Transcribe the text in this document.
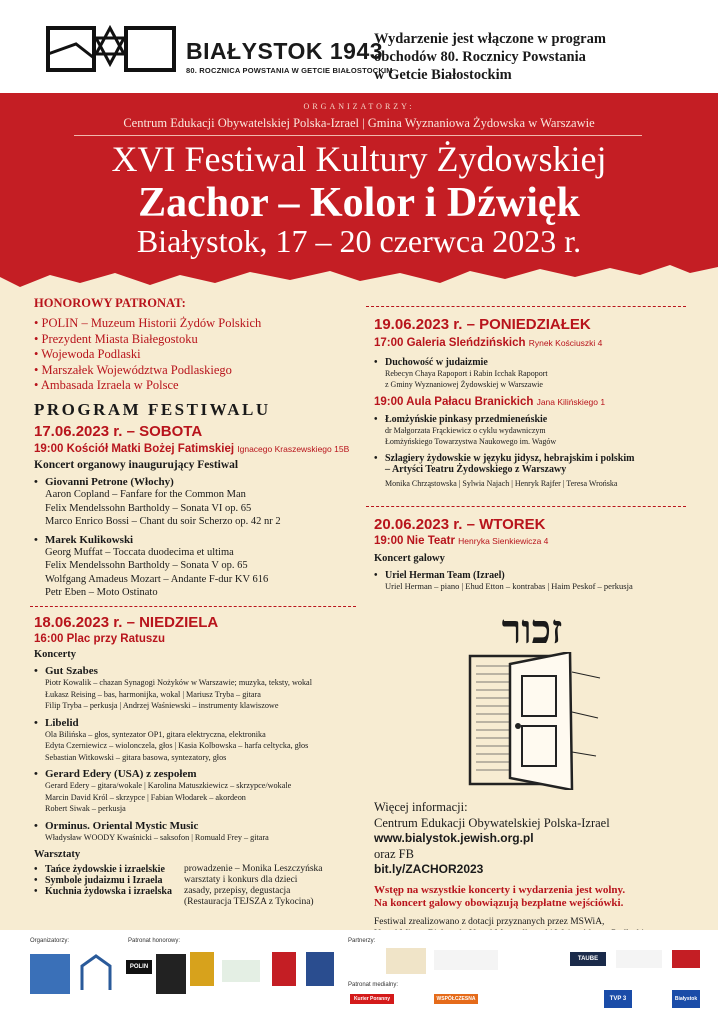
BIAŁYSTOK 1943
80. ROCZNICA POWSTANIA W GETCIE BIAŁOSTOCKIM
Wydarzenie jest włączone w program
obchodów 80. Rocznicy Powstania
w Getcie Białostockim
ORGANIZATORZY:
Centrum Edukacji Obywatelskiej Polska-Izrael | Gmina Wyznaniowa Żydowska w Warszawie
XVI Festiwal Kultury Żydowskiej
Zachor – Kolor i Dźwięk
Białystok, 17 – 20 czerwca 2023 r.
HONOROWY PATRONAT:
• POLIN – Muzeum Historii Żydów Polskich
• Prezydent Miasta Białegostoku
• Wojewoda Podlaski
• Marszałek Województwa Podlaskiego
• Ambasada Izraela w Polsce
PROGRAM FESTIWALU
17.06.2023 r. – SOBOTA
19:00 Kościół Matki Bożej Fatimskiej Ignacego Kraszewskiego 15B
Koncert organowy inaugurujący Festiwal
• Giovanni Petrone (Włochy)
Aaron Copland – Fanfare for the Common Man
Felix Mendelssohn Bartholdy – Sonata VI op. 65
Marco Enrico Bossi – Chant du soir Scherzo op. 42 nr 2
• Marek Kulikowski
Georg Muffat – Toccata duodecima et ultima
Felix Mendelssohn Bartholdy – Sonata V op. 65
Wolfgang Amadeus Mozart – Andante F-dur KV 616
Petr Eben – Moto Ostinato
18.06.2023 r. – NIEDZIELA
16:00 Plac przy Ratuszu
Koncerty
• Gut Szabes
Piotr Kowalik – chazan Synagogi Nożyków w Warszawie; muzyka, teksty, wokal
Łukasz Reising – bas, harmonijka, wokal | Mariusz Tryba – gitara
Filip Tryba – perkusja | Andrzej Waśniewski – instrumenty klawiszowe
• Libelid
Ola Bilińska – głos, syntezator OP1, gitara elektryczna, elektronika
Edyta Czerniewicz – wiolonczela, głos | Kasia Kolbowska – harfa celtycka, głos
Sebastian Witkowski – gitara basowa, syntezatory, głos
• Gerard Edery (USA) z zespołem
Gerard Edery – gitara/wokale | Karolina Matuszkiewicz – skrzypce/wokale
Marcin David Król – skrzypce | Fabian Włodarek – akordeon
Robert Siwak – perkusja
• Orminus. Oriental Mystic Music
Władysław WOODY Kwaśnicki – saksofon | Romuald Frey – gitara
Warsztaty
• Tańce żydowskie i izraelskie	prowadzenie – Monika Leszczyńska
• Symbole judaizmu i Izraela	warsztaty i konkurs dla dzieci
• Kuchnia żydowska i izraelska	zasady, przepisy, degustacja
(Restauracja TEJSZA z Tykocina)
19.06.2023 r. – PONIEDZIAŁEK
17:00 Galeria Sleńdzińskich Rynek Kościuszki 4
• Duchowość w judaizmie
Rebecyn Chaya Rapoport i Rabin Icchak Rapoport
z Gminy Wyznaniowej Żydowskiej w Warszawie
19:00 Aula Pałacu Branickich Jana Kilińskiego 1
• Łomżyńskie pinkasy przedmieneńskie
dr Małgorzata Frąckiewicz o cyklu wydawniczym
Łomżyńskiego Towarzystwa Naukowego im. Wagów
• Szlagiery żydowskie w języku jidysz, hebrajskim i polskim
– Artyści Teatru Żydowskiego z Warszawy
Monika Chrząstowska | Sylwia Najach | Henryk Rajfer | Teresa Wrońska
20.06.2023 r. – WTOREK
19:00 Nie Teatr Henryka Sienkiewicza 4
Koncert galowy
• Uriel Herman Team (Izrael)
Uriel Herman – piano | Ehud Etton – kontrabas | Haim Peskof – perkusja
זכור
Więcej informacji:
Centrum Edukacji Obywatelskiej Polska-Izrael
www.bialystok.jewish.org.pl
oraz FB
bit.ly/ZACHOR2023
Wstęp na wszystkie koncerty i wydarzenia jest wolny.
Na koncert galowy obowiązują bezpłatne wejściówki.
Festiwal zrealizowano z dotacji przyznanych przez MSWiA,
Organizatorzy:	Patronat honorowy:	Partnerzy:
Patronat medialny:
POLIN
TAUBE
Kurier Poranny	WSPÓŁCZESNA	TVP 3	Białystok
